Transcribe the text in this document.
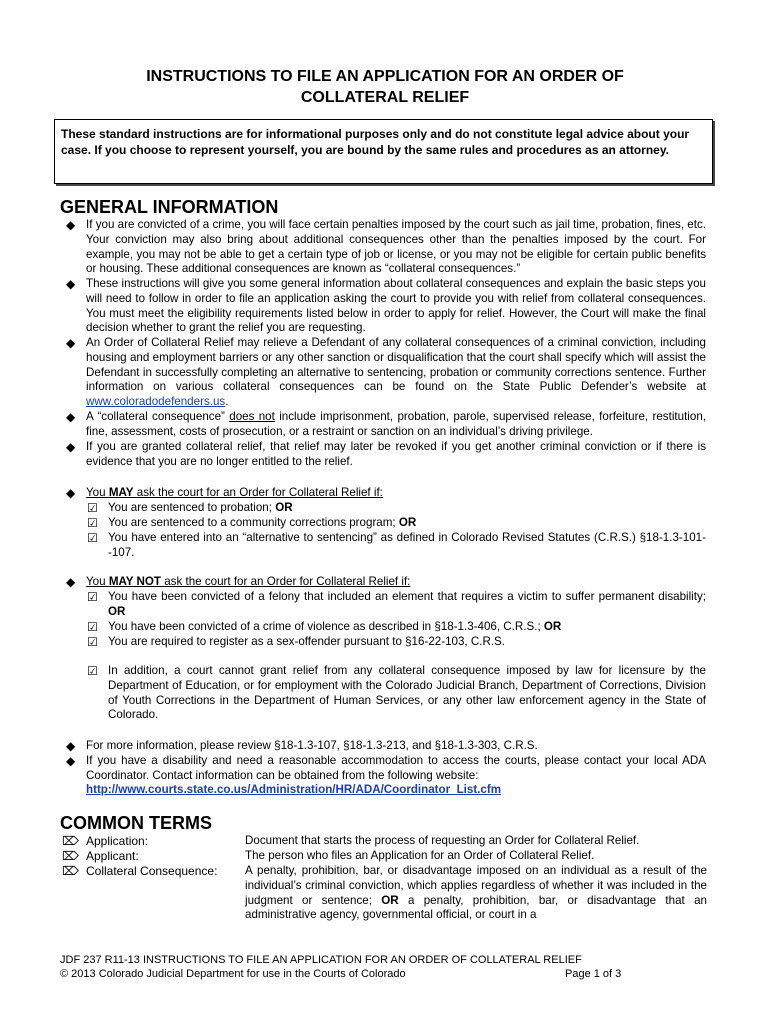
INSTRUCTIONS TO FILE AN APPLICATION FOR AN ORDER OF
COLLATERAL RELIEF
These standard instructions are for informational purposes only and do not constitute legal advice about your case. If you choose to represent yourself, you are bound by the same rules and procedures as an attorney.
GENERAL INFORMATION
◆ If you are convicted of a crime, you will face certain penalties imposed by the court such as jail time, probation, fines, etc. Your conviction may also bring about additional consequences other than the penalties imposed by the court. For example, you may not be able to get a certain type of job or license, or you may not be eligible for certain public benefits or housing. These additional consequences are known as “collateral consequences.”
◆ These instructions will give you some general information about collateral consequences and explain the basic steps you will need to follow in order to file an application asking the court to provide you with relief from collateral consequences. You must meet the eligibility requirements listed below in order to apply for relief. However, the Court will make the final decision whether to grant the relief you are requesting.
◆ An Order of Collateral Relief may relieve a Defendant of any collateral consequences of a criminal conviction, including housing and employment barriers or any other sanction or disqualification that the court shall specify which will assist the Defendant in successfully completing an alternative to sentencing, probation or community corrections sentence. Further information on various collateral consequences can be found on the State Public Defender’s website at www.coloradodefenders.us.
◆ A “collateral consequence” does not include imprisonment, probation, parole, supervised release, forfeiture, restitution, fine, assessment, costs of prosecution, or a restraint or sanction on an individual’s driving privilege.
◆ If you are granted collateral relief, that relief may later be revoked if you get another criminal conviction or if there is evidence that you are no longer entitled to the relief.
◆ You MAY ask the court for an Order for Collateral Relief if:
☑ You are sentenced to probation; OR
☑ You are sentenced to a community corrections program; OR
☑ You have entered into an “alternative to sentencing” as defined in Colorado Revised Statutes (C.R.S.) §18-1.3-101--107.
◆ You MAY NOT ask the court for an Order for Collateral Relief if:
☑ You have been convicted of a felony that included an element that requires a victim to suffer permanent disability; OR
☑ You have been convicted of a crime of violence as described in §18-1.3-406, C.R.S.; OR
☑ You are required to register as a sex-offender pursuant to §16-22-103, C.R.S.
☑ In addition, a court cannot grant relief from any collateral consequence imposed by law for licensure by the Department of Education, or for employment with the Colorado Judicial Branch, Department of Corrections, Division of Youth Corrections in the Department of Human Services, or any other law enforcement agency in the State of Colorado.
◆ For more information, please review §18-1.3-107, §18-1.3-213, and §18-1.3-303, C.R.S.
◆ If you have a disability and need a reasonable accommodation to access the courts, please contact your local ADA Coordinator. Contact information can be obtained from the following website:
http://www.courts.state.co.us/Administration/HR/ADA/Coordinator_List.cfm
COMMON TERMS
⌦ Application:	Document that starts the process of requesting an Order for Collateral Relief.
⌦ Applicant:	The person who files an Application for an Order of Collateral Relief.
⌦ Collateral Consequence: A penalty, prohibition, bar, or disadvantage imposed on an individual as a result of the individual’s criminal conviction, which applies regardless of whether it was included in the judgment or sentence; OR a penalty, prohibition, bar, or disadvantage that an administrative agency, governmental official, or court in a
JDF 237 R11-13 INSTRUCTIONS TO FILE AN APPLICATION FOR AN ORDER OF COLLATERAL RELIEF
© 2013 Colorado Judicial Department for use in the Courts of Colorado	Page 1 of 3
